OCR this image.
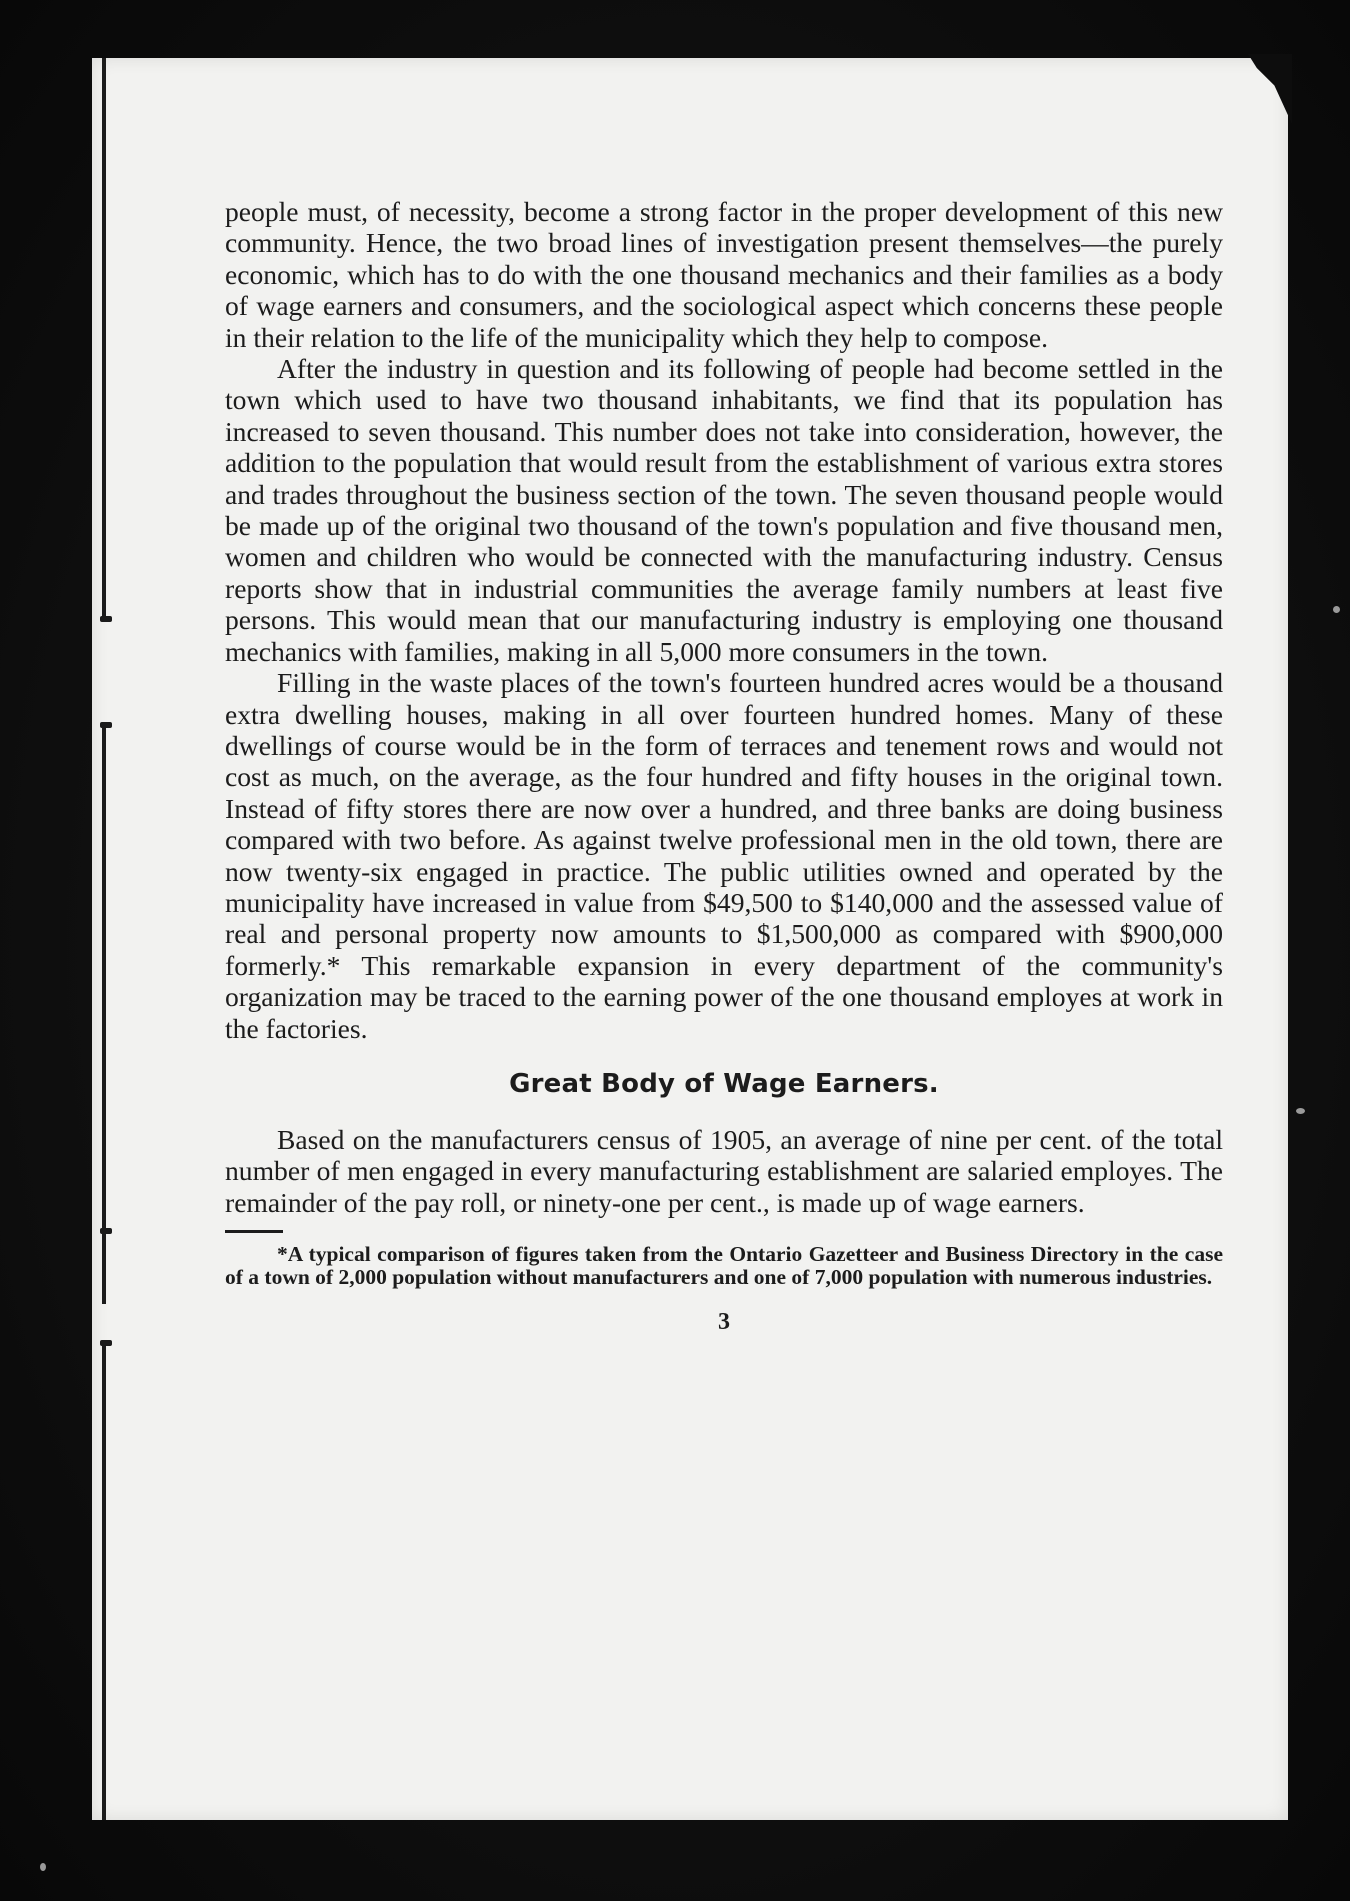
people must, of necessity, become a strong factor in the proper development of this new community. Hence, the two broad lines of investigation present themselves—the purely economic, which has to do with the one thousand mechanics and their families as a body of wage earners and consumers, and the sociological aspect which concerns these people in their relation to the life of the municipality which they help to compose.

After the industry in question and its following of people had become settled in the town which used to have two thousand inhabitants, we find that its population has increased to seven thousand. This number does not take into consideration, however, the addition to the population that would result from the establishment of various extra stores and trades throughout the business section of the town. The seven thousand people would be made up of the original two thousand of the town's population and five thousand men, women and children who would be connected with the manufacturing industry. Census reports show that in industrial communities the average family numbers at least five persons. This would mean that our manufacturing industry is employing one thousand mechanics with families, making in all 5,000 more consumers in the town.

Filling in the waste places of the town's fourteen hundred acres would be a thousand extra dwelling houses, making in all over fourteen hundred homes. Many of these dwellings of course would be in the form of terraces and tenement rows and would not cost as much, on the average, as the four hundred and fifty houses in the original town. Instead of fifty stores there are now over a hundred, and three banks are doing business compared with two before. As against twelve professional men in the old town, there are now twenty-six engaged in practice. The public utilities owned and operated by the municipality have increased in value from $49,500 to $140,000 and the assessed value of real and personal property now amounts to $1,500,000 as compared with $900,000 formerly.* This remarkable expansion in every department of the community's organization may be traced to the earning power of the one thousand employes at work in the factories.

Great Body of Wage Earners.

Based on the manufacturers census of 1905, an average of nine per cent. of the total number of men engaged in every manufacturing establishment are salaried employes. The remainder of the pay roll, or ninety-one per cent., is made up of wage earners.

*A typical comparison of figures taken from the Ontario Gazetteer and Business Directory in the case of a town of 2,000 population without manufacturers and one of 7,000 population with numerous industries.

3
